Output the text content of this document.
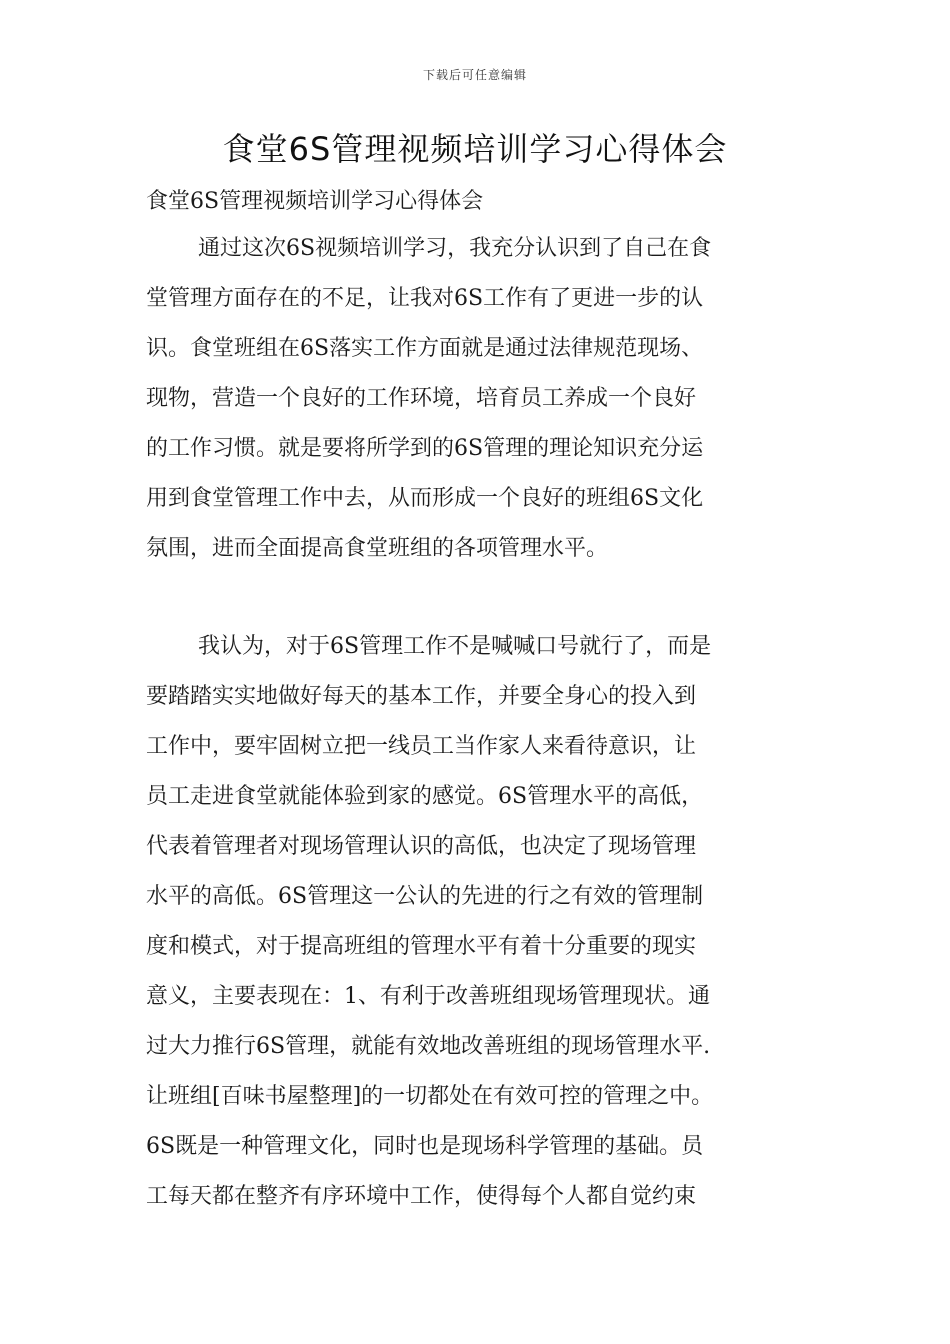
下载后可任意编辑
食堂6S管理视频培训学习心得体会
食堂6S管理视频培训学习心得体会

通过这次6S视频培训学习，我充分认识到了自己在食
堂管理方面存在的不足，让我对6S工作有了更进一步的认
识。食堂班组在6S落实工作方面就是通过法律规范现场、
现物，营造一个良好的工作环境，培育员工养成一个良好
的工作习惯。就是要将所学到的6S管理的理论知识充分运
用到食堂管理工作中去，从而形成一个良好的班组6S文化
氛围，进而全面提高食堂班组的各项管理水平。

我认为，对于6S管理工作不是喊喊口号就行了，而是
要踏踏实实地做好每天的基本工作，并要全身心的投入到
工作中，要牢固树立把一线员工当作家人来看待意识，让
员工走进食堂就能体验到家的感觉。6S管理水平的高低，
代表着管理者对现场管理认识的高低，也决定了现场管理
水平的高低。6S管理这一公认的先进的行之有效的管理制
度和模式，对于提高班组的管理水平有着十分重要的现实
意义，主要表现在：1、有利于改善班组现场管理现状。通
过大力推行6S管理，就能有效地改善班组的现场管理水平.
让班组[百味书屋整理]的一切都处在有效可控的管理之中。
6S既是一种管理文化，同时也是现场科学管理的基础。员
工每天都在整齐有序环境中工作，使得每个人都自觉约束
